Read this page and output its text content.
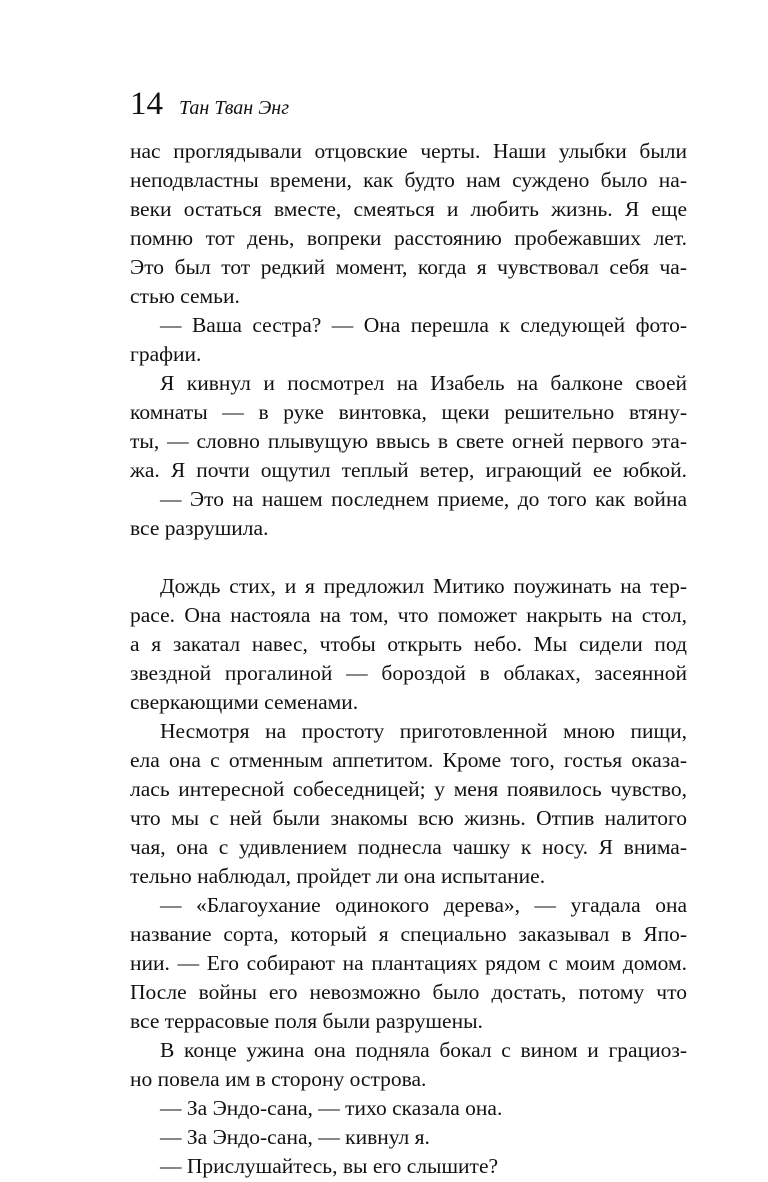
14 Тан Тван Энг
нас проглядывали отцовские черты. Наши улыбки были
неподвластны времени, как будто нам суждено было на-
веки остаться вместе, смеяться и любить жизнь. Я еще
помню тот день, вопреки расстоянию пробежавших лет.
Это был тот редкий момент, когда я чувствовал себя ча-
стью семьи.
— Ваша сестра? — Она перешла к следующей фото-
графии.
Я кивнул и посмотрел на Изабель на балконе своей
комнаты — в руке винтовка, щеки решительно втяну-
ты, — словно плывущую ввысь в свете огней первого эта-
жа. Я почти ощутил теплый ветер, играющий ее юбкой.
— Это на нашем последнем приеме, до того как война
все разрушила.
Дождь стих, и я предложил Митико поужинать на тер-
расе. Она настояла на том, что поможет накрыть на стол,
а я закатал навес, чтобы открыть небо. Мы сидели под
звездной прогалиной — бороздой в облаках, засеянной
сверкающими семенами.
Несмотря на простоту приготовленной мною пищи,
ела она с отменным аппетитом. Кроме того, гостья оказа-
лась интересной собеседницей; у меня появилось чувство,
что мы с ней были знакомы всю жизнь. Отпив налитого
чая, она с удивлением поднесла чашку к носу. Я внима-
тельно наблюдал, пройдет ли она испытание.
— «Благоухание одинокого дерева», — угадала она
название сорта, который я специально заказывал в Япо-
нии. — Его собирают на плантациях рядом с моим домом.
После войны его невозможно было достать, потому что
все террасовые поля были разрушены.
В конце ужина она подняла бокал с вином и грациоз-
но повела им в сторону острова.
— За Эндо-сана, — тихо сказала она.
— За Эндо-сана, — кивнул я.
— Прислушайтесь, вы его слышите?
